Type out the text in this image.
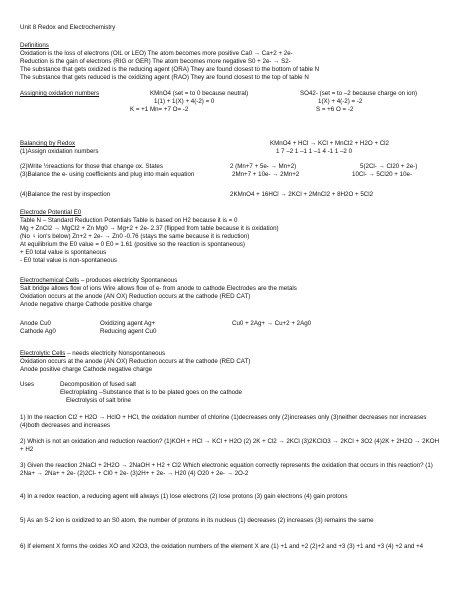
Unit 8 Redox and Electrochemistry
Definitions
Oxidation is the loss of electrons (OIL or LEO) The atom becomes more positive Ca0 → Ca+2 + 2e-
Reduction is the gain of electrons (RIG or GER) The atom becomes more negative S0 + 2e- → S2-
The substance that gets oxidized is the reducing agent (ORA) They are found closest to the bottom of table N
The substance that gets reduced is the oxidizing agent (RAO) They are found closest to the top of table N
Assigning oxidation numbers	KMnO4 (set = to 0 because neutral)	SO42- (set = to –2 because charge on ion)
1(1) + 1(X) + 4(-2) = 0	1(X) + 4(-2) = -2
K = +1 Mn= +7 O= -2	S = +6 O = -2
Balancing by Redox	KMnO4 + HCl → KCl + MnCl2 + H2O + Cl2
(1)Assign oxidation numbers	1 7 –2 1 –1 1 –1 4 -1 1 –2 0
(2)Write ½reactions for those that change ox. States	2 (Mn+7 + 5e- → Mn+2)	5(2Cl- → Cl20 + 2e-)
(3)Balance the e- using coefficients and plug into main equation	2Mn+7 + 10e- → 2Mn+2	10Cl- → 5Cl20 + 10e-
(4)Balance the rest by inspection	2KMnO4 + 16HCl → 2KCl + 2MnCl2 + 8H2O + 5Cl2
Electrode Potential E0
Table N – Standard Reduction Potentials Table is based on H2 because it is = 0
Mg + ZnCl2 → MgCl2 + Zn Mg0 → Mg+2 + 2e- 2.37 (flipped from table because it is oxidation)
(No ♀ ion's below) Zn+2 + 2e- → Zn0 -0.76 (stays the same because it is reduction)
At equilibrium the E0 value = 0 E0 = 1.61 (positive so the reaction is spontaneous)
+ E0 total value is spontaneous
- E0 total value is non-spontaneous
Electrochemical Cells – produces electricity Spontaneous
Salt bridge allows flow of ions Wire allows flow of e- from anode to cathode Electrodes are the metals
Oxidation occurs at the anode (AN OX) Reduction occurs at the cathode (RED CAT)
Anode negative charge Cathode positive charge
Anode Cu0	Oxidizing agent Ag+	Cu0 + 2Ag+ → Cu+2 + 2Ag0
Cathode Ag0	Reducing agent Cu0
Electrolytic Cells – needs electricity Nonspontaneous
Oxidation occurs at the anode (AN OX) Reduction occurs at the cathode (RED CAT)
Anode positive charge Cathode negative charge
Uses	Decomposition of fused salt
Electroplating –Substance that is to be plated goes on the cathode
Electrolysis of salt brine
1) In the reaction Cl2 + H2O → HclO + HCl, the oxidation number of chlorine (1)decreases only (2)increases only (3)neither decreases nor increases (4)both decreases and increases
2) Which is not an oxidation and reduction reaction? (1)KOH + HCl → KCl + H2O (2) 2K + Cl2 → 2KCl (3)2KClO3 → 2KCl + 3O2 (4)2K + 2H2O → 2KOH + H2
3) Given the reaction 2NaCl + 2H2O → 2NaOH + H2 + Cl2 Which electronic equation correctly represents the oxidation that occurs in this reaction? (1) 2Na+ → 2Na+ + 2e- (2)2Cl- + Cl0 + 2e- (3)2H+ + 2e- → H20 (4) O20 + 2e- → 2O-2
4) In a redox reaction, a reducing agent will always (1) lose electrons (2) lose protons (3) gain electrons (4) gain protons
5) As an S-2 ion is oxidized to an S0 atom, the number of protons in its nucleus (1) decreases (2) increases (3) remains the same
6) If element X forms the oxides XO and X2O3, the oxidation numbers of the element X are (1) +1 and +2 (2)+2 and +3 (3) +1 and +3 (4) +2 and +4
